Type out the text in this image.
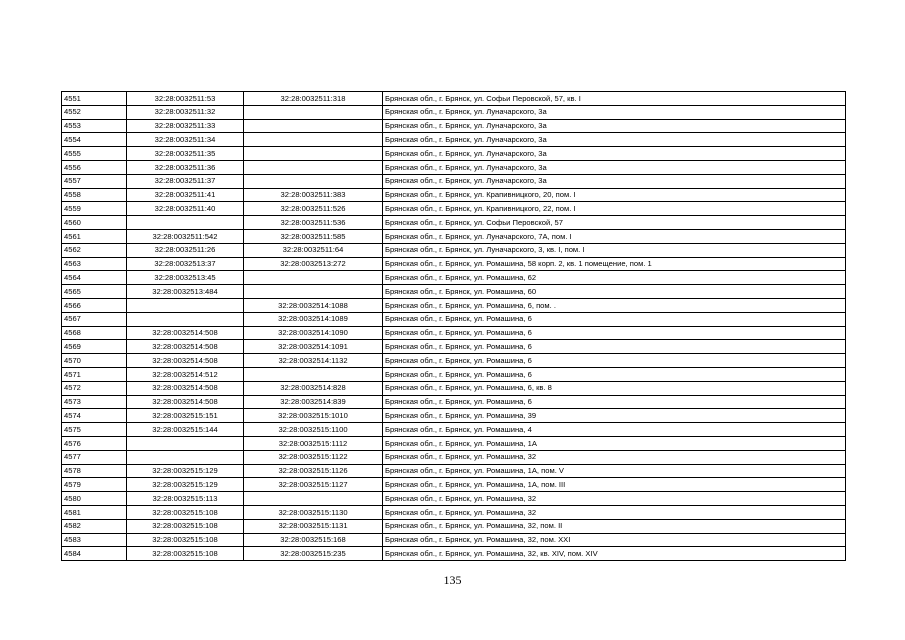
4551	32:28:0032511:53	32:28:0032511:318	Брянская обл., г. Брянск, ул. Софьи Перовской, 57, кв. I
4552	32:28:0032511:32		Брянская обл., г. Брянск, ул. Луначарского, 3а
4553	32:28:0032511:33		Брянская обл., г. Брянск, ул. Луначарского, 3а
4554	32:28:0032511:34		Брянская обл., г. Брянск, ул. Луначарского, 3а
4555	32:28:0032511:35		Брянская обл., г. Брянск, ул. Луначарского, 3а
4556	32:28:0032511:36		Брянская обл., г. Брянск, ул. Луначарского, 3а
4557	32:28:0032511:37		Брянская обл., г. Брянск, ул. Луначарского, 3а
4558	32:28:0032511:41	32:28:0032511:383	Брянская обл., г. Брянск, ул. Крапивницкого, 20, пом. I
4559	32:28:0032511:40	32:28:0032511:526	Брянская обл., г. Брянск, ул. Крапивницкого, 22, пом. I
4560		32:28:0032511:536	Брянская обл., г. Брянск, ул. Софьи Перовской, 57
4561	32:28:0032511:542	32:28:0032511:585	Брянская обл., г. Брянск, ул. Луначарского, 7А, пом. I
4562	32:28:0032511:26	32:28:0032511:64	Брянская обл., г. Брянск, ул. Луначарского, 3, кв. I, пом. I
4563	32:28:0032513:37	32:28:0032513:272	Брянская обл., г. Брянск, ул. Ромашина, 58 корп. 2, кв. 1 помещение, пом. 1
4564	32:28:0032513:45		Брянская обл., г. Брянск, ул. Ромашина, 62
4565	32:28:0032513:484		Брянская обл., г. Брянск, ул. Ромашина, 60
4566		32:28:0032514:1088	Брянская обл., г. Брянск, ул. Ромашина, 6, пом. .
4567		32:28:0032514:1089	Брянская обл., г. Брянск, ул. Ромашина, 6
4568	32:28:0032514:508	32:28:0032514:1090	Брянская обл., г. Брянск, ул. Ромашина, 6
4569	32:28:0032514:508	32:28:0032514:1091	Брянская обл., г. Брянск, ул. Ромашина, 6
4570	32:28:0032514:508	32:28:0032514:1132	Брянская обл., г. Брянск, ул. Ромашина, 6
4571	32:28:0032514:512		Брянская обл., г. Брянск, ул. Ромашина, 6
4572	32:28:0032514:508	32:28:0032514:828	Брянская обл., г. Брянск, ул. Ромашина, 6, кв. 8
4573	32:28:0032514:508	32:28:0032514:839	Брянская обл., г. Брянск, ул. Ромашина, 6
4574	32:28:0032515:151	32:28:0032515:1010	Брянская обл., г. Брянск, ул. Ромашина, 39
4575	32:28:0032515:144	32:28:0032515:1100	Брянская обл., г. Брянск, ул. Ромашина, 4
4576		32:28:0032515:1112	Брянская обл., г. Брянск, ул. Ромашина, 1А
4577		32:28:0032515:1122	Брянская обл., г. Брянск, ул. Ромашина, 32
4578	32:28:0032515:129	32:28:0032515:1126	Брянская обл., г. Брянск, ул. Ромашина, 1А, пом. V
4579	32:28:0032515:129	32:28:0032515:1127	Брянская обл., г. Брянск, ул. Ромашина, 1А, пом. III
4580	32:28:0032515:113		Брянская обл., г. Брянск, ул. Ромашина, 32
4581	32:28:0032515:108	32:28:0032515:1130	Брянская обл., г. Брянск, ул. Ромашина, 32
4582	32:28:0032515:108	32:28:0032515:1131	Брянская обл., г. Брянск, ул. Ромашина, 32, пом. II
4583	32:28:0032515:108	32:28:0032515:168	Брянская обл., г. Брянск, ул. Ромашина, 32, пом. XXI
4584	32:28:0032515:108	32:28:0032515:235	Брянская обл., г. Брянск, ул. Ромашина, 32, кв. XIV, пом. XIV
135
